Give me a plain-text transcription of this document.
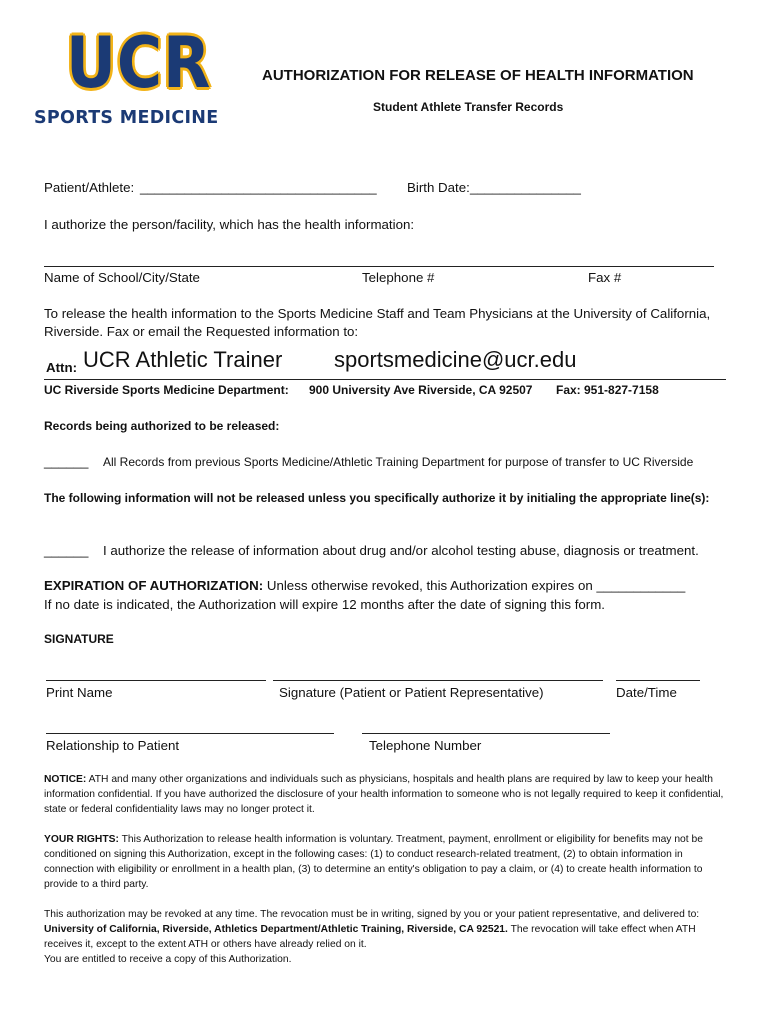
UCR
SPORTS MEDICINE
AUTHORIZATION FOR RELEASE OF HEALTH INFORMATION
Student Athlete Transfer Records
Patient/Athlete: ________________________________ Birth Date: _______________
I authorize the person/facility, which has the health information:
Name of School/City/State	Telephone #	Fax #

To release the health information to the Sports Medicine Staff and Team Physicians at the University of California, Riverside. Fax or email the Requested information to:

Attn: UCR Athletic Trainer sportsmedicine@ucr.edu
UC Riverside Sports Medicine Department: 900 University Ave Riverside, CA 92507 Fax: 951-827-7158
Records being authorized to be released:
______ All Records from previous Sports Medicine/Athletic Training Department for purpose of transfer to UC Riverside

The following information will not be released unless you specifically authorize it by initialing the appropriate line(s):

______ I authorize the release of information about drug and/or alcohol testing abuse, diagnosis or treatment.
EXPIRATION OF AUTHORIZATION: Unless otherwise revoked, this Authorization expires on ____________
If no date is indicated, the Authorization will expire 12 months after the date of signing this form.
SIGNATURE
Print Name	Signature (Patient or Patient Representative)	Date/Time
Relationship to Patient	Telephone Number

NOTICE: ATH and many other organizations and individuals such as physicians, hospitals and health plans are required by law to keep your health information confidential. If you have authorized the disclosure of your health information to someone who is not legally required to keep it confidential, state or federal confidentiality laws may no longer protect it.

YOUR RIGHTS: This Authorization to release health information is voluntary. Treatment, payment, enrollment or eligibility for benefits may not be conditioned on signing this Authorization, except in the following cases: (1) to conduct research-related treatment, (2) to obtain information in connection with eligibility or enrollment in a health plan, (3) to determine an entity's obligation to pay a claim, or (4) to create health information to provide to a third party.

This authorization may be revoked at any time. The revocation must be in writing, signed by you or your patient representative, and delivered to: University of California, Riverside, Athletics Department/Athletic Training, Riverside, CA 92521. The revocation will take effect when ATH receives it, except to the extent ATH or others have already relied on it.

You are entitled to receive a copy of this Authorization.
